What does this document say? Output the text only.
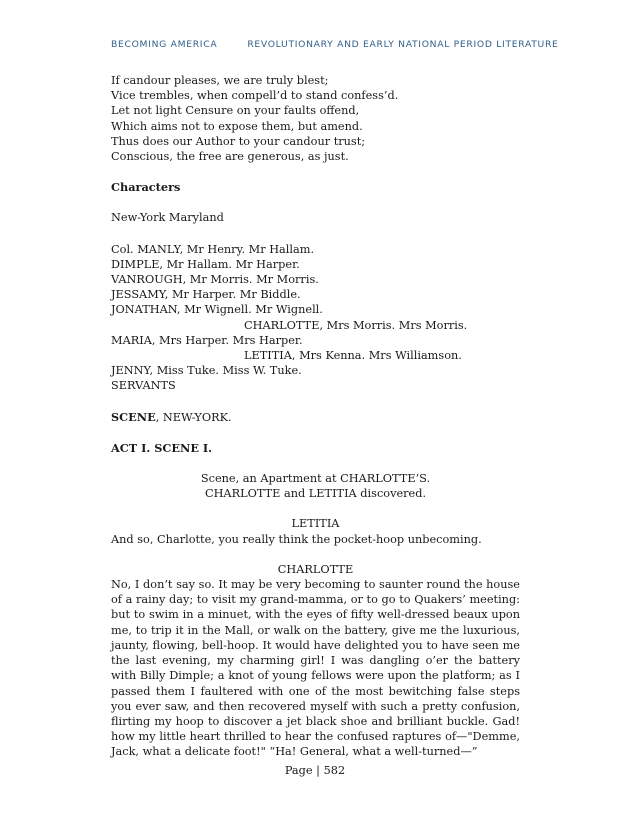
BECOMING AMERICA	REVOLUTIONARY AND EARLY NATIONAL PERIOD LITERATURE
If candour pleases, we are truly blest;
Vice trembles, when compell’d to stand confess’d.
Let not light Censure on your faults offend,
Which aims not to expose them, but amend.
Thus does our Author to your candour trust;
Conscious, the free are generous, as just.
Characters
New-York Maryland
Col. MANLY, Mr Henry. Mr Hallam.
DIMPLE, Mr Hallam. Mr Harper.
VANROUGH, Mr Morris. Mr Morris.
JESSAMY, Mr Harper. Mr Biddle.
JONATHAN, Mr Wignell. Mr Wignell.
CHARLOTTE, Mrs Morris. Mrs Morris.
MARIA, Mrs Harper. Mrs Harper.
LETITIA, Mrs Kenna. Mrs Williamson.
JENNY, Miss Tuke. Miss W. Tuke.
SERVANTS
SCENE, NEW-YORK.
ACT I. SCENE I.
Scene, an Apartment at CHARLOTTE’S.
CHARLOTTE and LETITIA discovered.
LETITIA

And so, Charlotte, you really think the pocket-hoop unbecoming.

CHARLOTTE

No, I don’t say so. It may be very becoming to saunter round the house of a rainy day; to visit my grand-mamma, or to go to Quakers’ meeting: but to swim in a minuet, with the eyes of fifty well-dressed beaux upon me, to trip it in the Mall, or walk on the battery, give me the luxurious, jaunty, flowing, bell-hoop. It would have delighted you to have seen me the last evening, my charming girl! I was dangling o’er the battery with Billy Dimple; a knot of young fellows were upon the platform; as I passed them I faultered with one of the most bewitching false steps you ever saw, and then recovered myself with such a pretty confusion, flirting my hoop to discover a jet black shoe and brilliant buckle. Gad! how my little heart thrilled to hear the confused raptures of—"Demme, Jack, what a delicate foot!" “Ha! General, what a well-turned—”

Page | 582
